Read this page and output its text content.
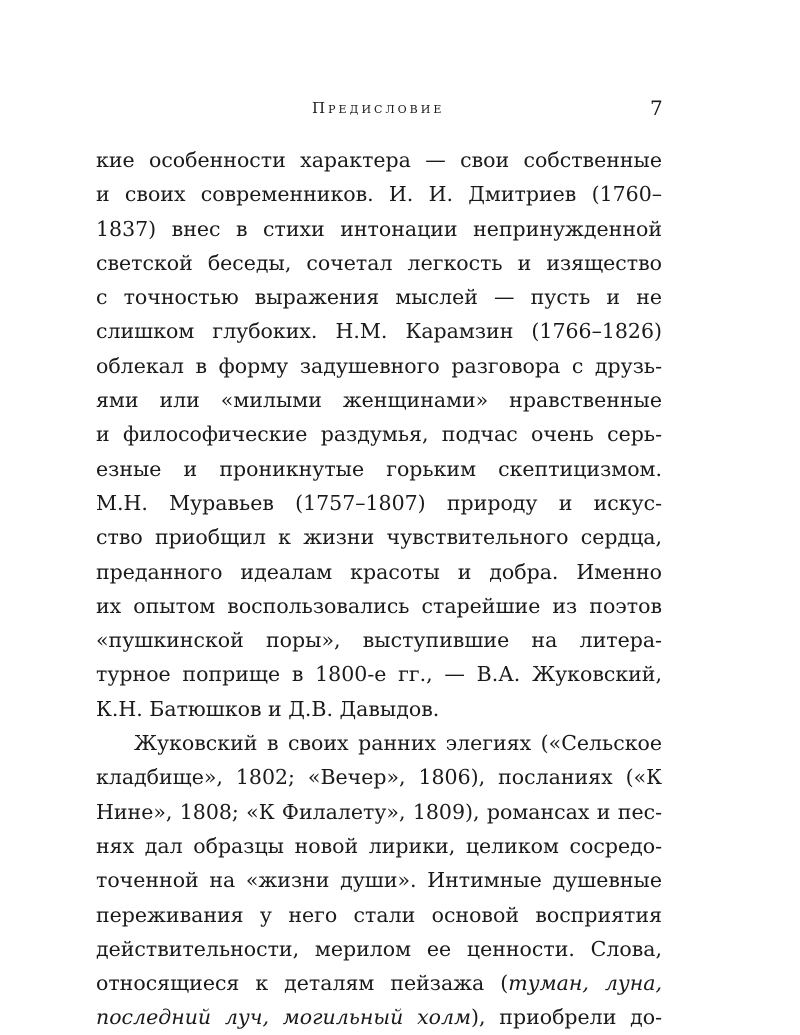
Предисловие	7
кие особенности характера — свои собственные
и своих современников. И. И. Дмитриев (1760–
1837) внес в стихи интонации непринужденной
светской беседы, сочетал легкость и изящество
с точностью выражения мыслей — пусть и не
слишком глубоких. Н.М. Карамзин (1766–1826)
облекал в форму задушевного разговора с друзь-
ями или «милыми женщинами» нравственные
и философические раздумья, подчас очень серь-
езные и проникнутые горьким скептицизмом.
М.Н. Муравьев (1757–1807) природу и искус-
ство приобщил к жизни чувствительного сердца,
преданного идеалам красоты и добра. Именно
их опытом воспользовались старейшие из поэтов
«пушкинской поры», выступившие на литера-
турное поприще в 1800-е гг., — В.А. Жуковский,
К.Н. Батюшков и Д.В. Давыдов.
Жуковский в своих ранних элегиях («Сельское
кладбище», 1802; «Вечер», 1806), посланиях («К
Нине», 1808; «К Филалету», 1809), романсах и пес-
нях дал образцы новой лирики, целиком сосредо-
точенной на «жизни души». Интимные душевные
переживания у него стали основой восприятия
действительности, мерилом ее ценности. Слова,
относящиеся к деталям пейзажа (туман, луна,
последний луч, могильный холм), приобрели до-
